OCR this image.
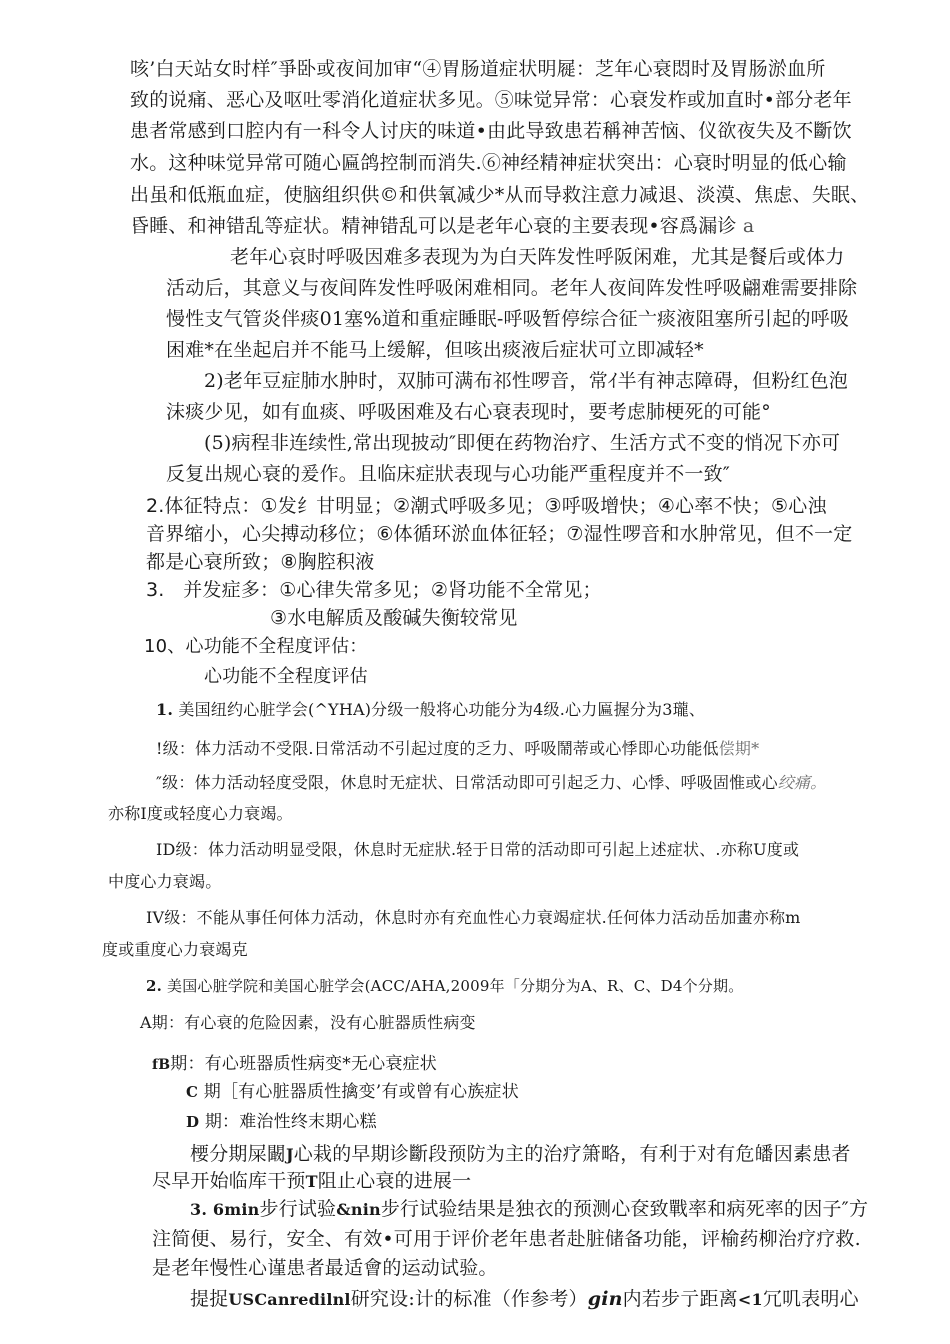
咳’白天站女时样″爭卧或夜间加审“④胃肠道症状明屣：芝年心衰悶时及胃肠淤血所
致的说痛、恶心及呕吐零消化道症状多见。⑤味觉异常：心衰发柞或加直时•部分老年
患者常感到口腔内有一科令人讨庆的味道•由此导致患若稱神苦恼、仪欲夜失及不斷饮
水。这种味觉异常可随心匾鸽控制而消失.⑥神经精神症状突出：心衰时明显的低心输
出虽和低瓶血症，使脑组织供©和供氧减少*从而导救注意力减退、淡漠、焦虑、失眠、
昏睡、和神错乱等症状。精神错乱可以是老年心衰的主要表现•容爲漏诊 a
老年心哀时呼吸因难多表现为为白天阵发性呼阪闲难，尤其是餐后或体力
活动后，其意义与夜间阵发性呼吸闲难相同。老年人夜间阵发性呼吸翩难需要排除
慢性支气管炎伴痰01塞%道和重症睡眠-呼吸暂停综合征亠痰液阻塞所引起的呼吸
困难*在坐起启并不能马上缓解，但咳出痰液后症状可立即减轻*
2)老年豆症肺水肿时，双肺可满布祁性啰音，常ｲ半有神志障碍，但粉红色泡
沫痰少见，如有血痰、呼吸困难及右心衰表现时，要考虑肺梗死的可能°
(5)病程非连续性,常出现披动″即便在药物治疗、生活方式不变的悄况下亦可
反复出规心衰的爰作。且临床症狀表现与心功能严重程度并不一致″
2.体征特点：①发纟甘明显；②潮式呼吸多见；③呼吸增快；④心率不快；⑤心浊
音界缩小，心尖搏动移位；⑥体循环淤血体征轻；⑦湿性啰音和水肿常见，但不一定
都是心衰所致；⑧胸腔积液
3.   并发症多：①心律失常多见；②肾功能不全常见；
③水电解质及酸碱失衡较常见
10、心功能不全程度评估：
心功能不全程度评估
1. 美国纽约心脏学会(^YHA)分级一般将心功能分为4级.心力匾握分为3瓏、
!级：体力活动不受限.日常活动不引起过度的乏力、呼吸鬧蒂或心悸即心功能低偿期*
″级：体力活动轻度受限，休息时无症状、日常活动即可引起乏力、心悸、呼吸固惟或心绞痛。
亦称I度或轻度心力衰竭。
ID级：体力活动明显受限，休息时无症狀.轻于日常的活动即可引起上述症状、.亦称U度或
中度心力衰竭。
IV级：不能从事任何体力活动，休息时亦有充血性心力衰竭症状.任何体力活动岳加畫亦称m
度或重度心力衰竭克
2. 美国心脏学院和美国心脏学会(ACC/AHA,2009年「分期分为A、R、C、D4个分期。
A期：有心衰的危险因素，没有心脏器质性病变
fB期：有心班器质性病变*无心衰症状
C 期［有心脏器质性擒变’有或曾有心族症状
D 期：难治性终末期心糕
楆分期屎闞J心栽的早期诊斷段预防为主的治疗箫略，有利于对有危皤因素患者
尽早开始临库干预T阻止心衰的进展一
3. 6min步行试验&nin步行试验结果是独衣的预测心奁致戰率和病死率的因子″方
注简便、易行，安全、有效•可用于评价老年患者赴脏储备功能，评榆药柳治疗疗救.
是老年慢性心谨患者最适會的运动试验。
提捉USCanredilnl研究设:计的标准（作参考）gin内若步亍距离<1冗叽表明心
